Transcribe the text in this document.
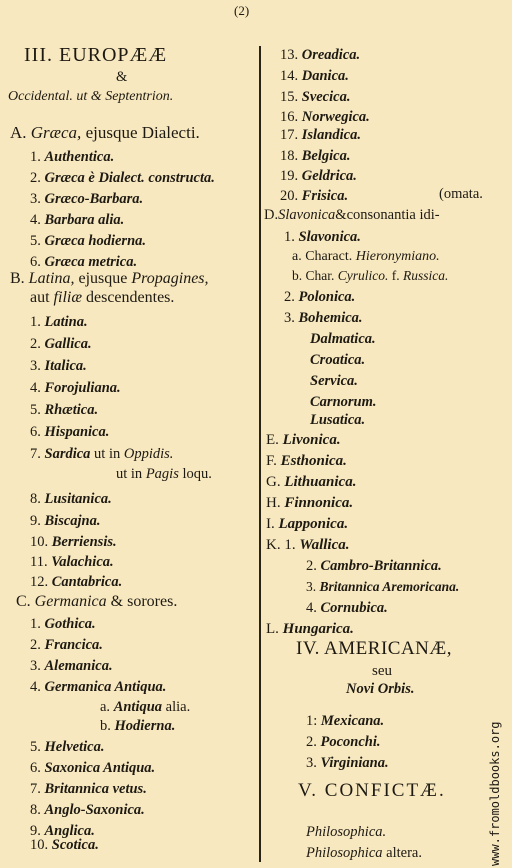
(2)
III. EUROPÆÆ
&
Occidental. ut & Septentrion.
A. Græca, ejusque Dialecti.
1. Authentica.
2. Græca è Dialect. constructa.
3. Græco-Barbara.
4. Barbara alia.
5. Græca hodierna.
6. Græca metrica.
B. Latina, ejusque Propagines,
aut filiæ descendentes.
1. Latina.
2. Gallica.
3. Italica.
4. Forojuliana.
5. Rhætica.
6. Hispanica.
7. Sardica ut in Oppidis.
ut in Pagis loqu.
8. Lusitanica.
9. Biscajna.
10. Berriensis.
11. Valachica.
12. Cantabrica.
C. Germanica & sorores.
1. Gothica.
2. Francica.
3. Alemanica.
4. Germanica Antiqua.
a. Antiqua alia.
b. Hodierna.
5. Helvetica.
6. Saxonica Antiqua.
7. Britannica vetus.
8. Anglo-Saxonica.
9. Anglica.
10. Scotica.
13. Oreadica.
14. Danica.
15. Svecica.
16. Norwegica.
17. Islandica.
18. Belgica.
19. Geldrica.
20. Frisica.	(omata.
D.Slavonica&consonantia idi-
1. Slavonica.
a. Charact. Hieronymiano.
b. Char. Cyrulico. f. Russica.
2. Polonica.
3. Bohemica.
Dalmatica.
Croatica.
Servica.
Carnorum.
Lusatica.
E. Livonica.
F. Esthonica.
G. Lithuanica.
H. Finnonica.
I. Lapponica.
K. 1. Wallica.
2. Cambro-Britannica.
3. Britannica Aremoricana.
4. Cornubica.
L. Hungarica.
IV. AMERICANÆ,
seu
Novi Orbis.
1: Mexicana.
2. Poconchi.
3. Virginiana.
V. CONFICTÆ.
Philosophica.
Philosophica altera.	www.fromoldbooks.org
